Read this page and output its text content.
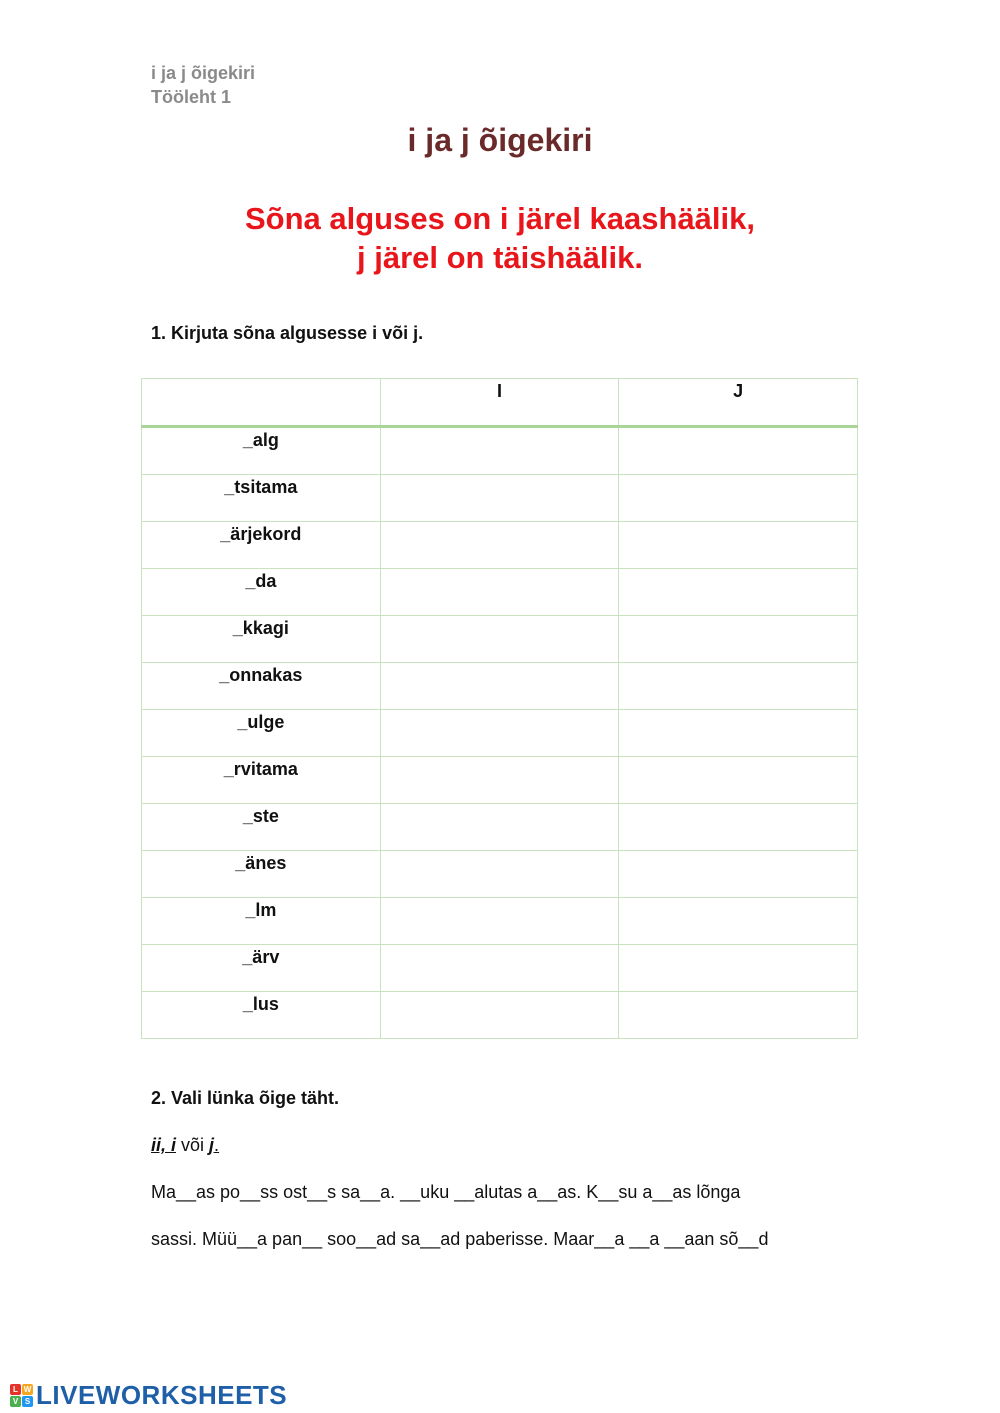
i ja j õigekiri
Tööleht 1
i ja j õigekiri
Sõna alguses on i järel kaashäälik,
j järel on täishäälik.
1. Kirjuta sõna algusesse i või j.

	I	J

_alg		

_tsitama		

_ärjekord		

_da		

_kkagi		

_onnakas		

_ulge		

_rvitama		

_ste		

_änes		

_lm		

_ärv		

_lus		

2. Vali lünka õige täht.
ii, i või j.
Ma__as po__ss ost__s sa__a. __uku __alutas a__as. K__su a__as lõnga
sassi. Müü__a pan__ soo__ad sa__ad paberisse. Maar__a __a __aan sõ__d
L W
V S LIVEWORKSHEETS
